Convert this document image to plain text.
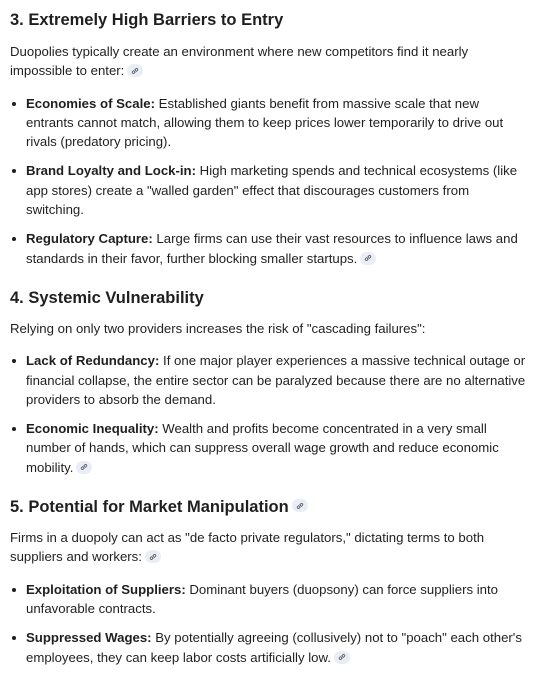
3. Extremely High Barriers to Entry

Duopolies typically create an environment where new competitors find it nearly impossible to enter:

Economies of Scale: Established giants benefit from massive scale that new entrants cannot match, allowing them to keep prices lower temporarily to drive out rivals (predatory pricing).
Brand Loyalty and Lock-in: High marketing spends and technical ecosystems (like app stores) create a "walled garden" effect that discourages customers from switching.
Regulatory Capture: Large firms can use their vast resources to influence laws and standards in their favor, further blocking smaller startups.
4. Systemic Vulnerability

Relying on only two providers increases the risk of "cascading failures":

Lack of Redundancy: If one major player experiences a massive technical outage or financial collapse, the entire sector can be paralyzed because there are no alternative providers to absorb the demand.
Economic Inequality: Wealth and profits become concentrated in a very small number of hands, which can suppress overall wage growth and reduce economic mobility.
5. Potential for Market Manipulation

Firms in a duopoly can act as "de facto private regulators," dictating terms to both suppliers and workers:

Exploitation of Suppliers: Dominant buyers (duopsony) can force suppliers into unfavorable contracts.
Suppressed Wages: By potentially agreeing (collusively) not to "poach" each other's employees, they can keep labor costs artificially low.
